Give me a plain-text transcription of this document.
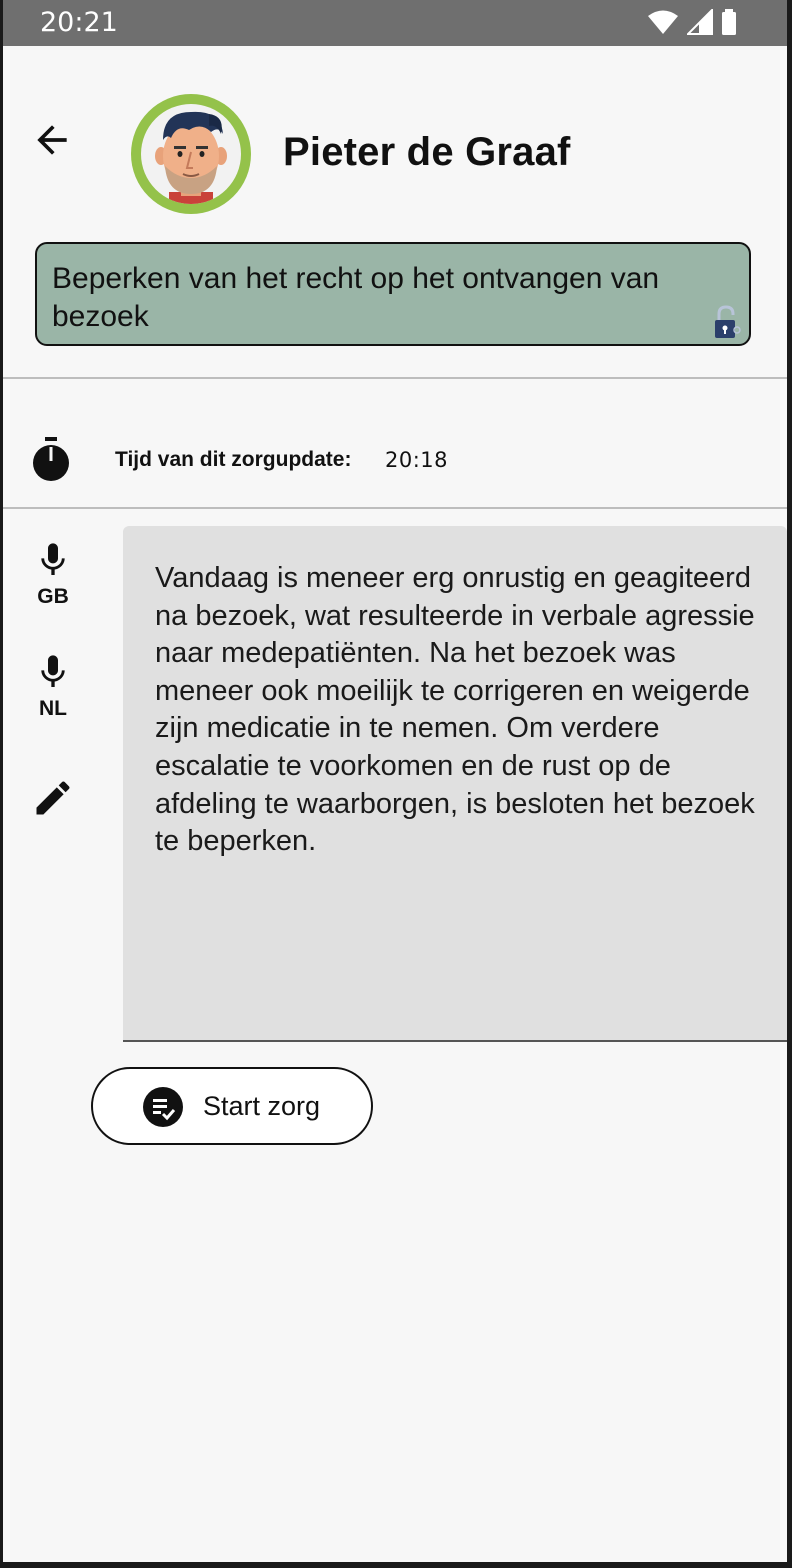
20:21
Pieter de Graaf
Beperken van het recht op het ontvangen van bezoek
Tijd van dit zorgupdate: 20:18
GB
NL
Vandaag is meneer erg onrustig en geagiteerd na bezoek, wat resulteerde in verbale agressie naar medepatiënten. Na het bezoek was meneer ook moeilijk te corrigeren en weigerde zijn medicatie in te nemen. Om verdere escalatie te voorkomen en de rust op de afdeling te waarborgen, is besloten het bezoek te beperken.
Start zorg
